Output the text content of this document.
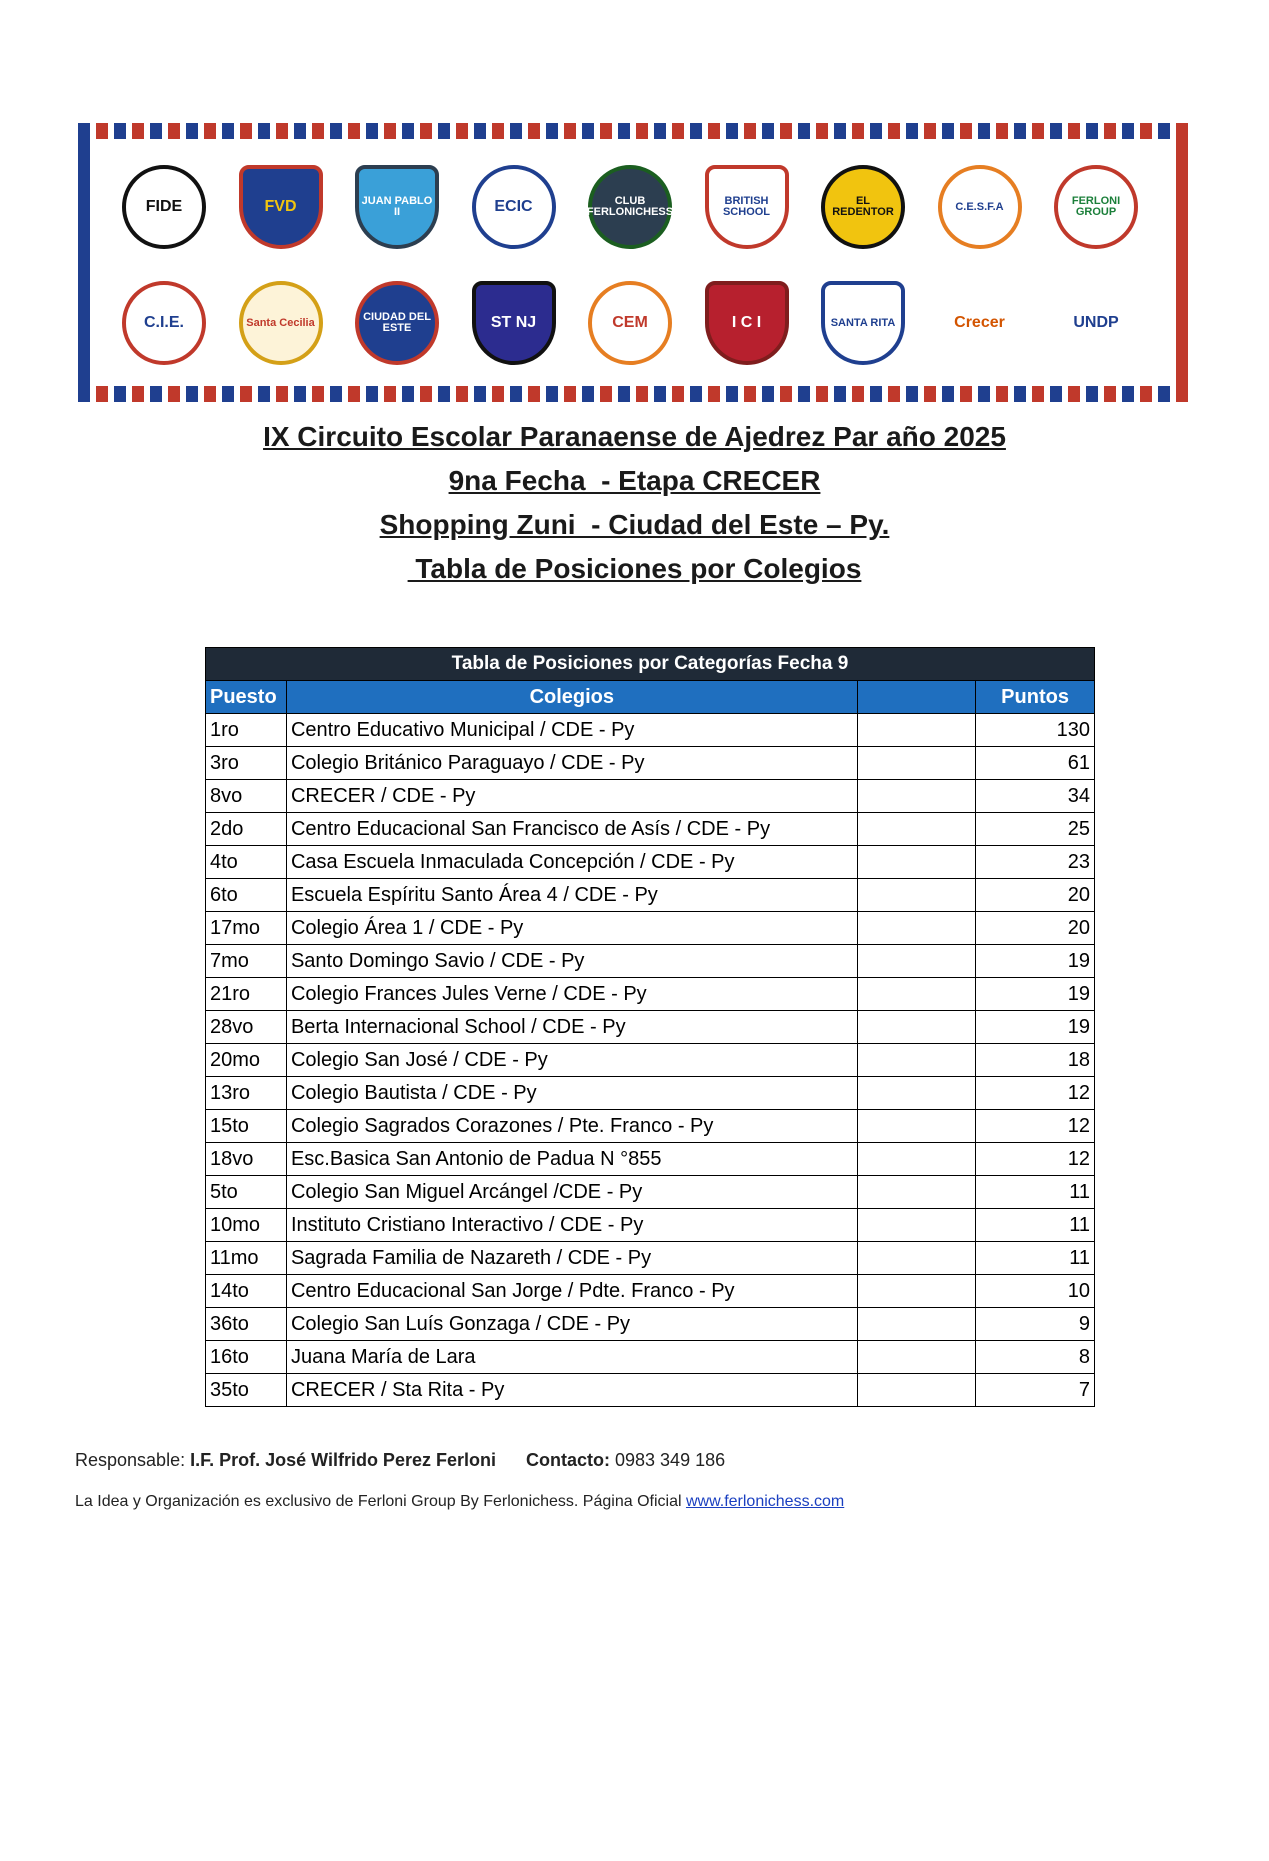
FIDE	FVD	JUAN PABLO II	ECIC	CLUB FERLONICHESS
BRITISH SCHOOL
EL REDENTOR	C.E.S.F.A	FERLONI GROUP
C.I.E.	Santa Cecilia	CIUDAD DEL ESTE	ST NJ	CEM	I C I	SANTA RITA	Crecer	UNDP
IX Circuito Escolar Paranaense de Ajedrez Par año 2025
9na Fecha  - Etapa CRECER
Shopping Zuni  - Ciudad del Este – Py.
Tabla de Posiciones por Colegios
Tabla de Posiciones por Categorías Fecha 9			
Puesto	Colegios		Puntos
1ro	Centro Educativo Municipal / CDE - Py		130
3ro	Colegio Británico Paraguayo / CDE - Py		61
8vo	CRECER / CDE - Py		34
2do	Centro Educacional San Francisco de Asís / CDE - Py		25
4to	Casa Escuela Inmaculada Concepción / CDE - Py		23
6to	Escuela Espíritu Santo Área 4 / CDE - Py		20
17mo	Colegio Área 1 / CDE - Py		20
7mo	Santo Domingo Savio / CDE - Py		19
21ro	Colegio Frances Jules Verne / CDE - Py		19
28vo	Berta Internacional School / CDE - Py		19
20mo	Colegio San José / CDE - Py		18
13ro	Colegio Bautista / CDE - Py		12
15to	Colegio Sagrados Corazones / Pte. Franco - Py		12
18vo	Esc.Basica San Antonio de Padua N °855		12
5to	Colegio San Miguel Arcángel /CDE - Py		11
10mo	Instituto Cristiano Interactivo / CDE - Py		11
11mo	Sagrada Familia de Nazareth / CDE - Py		11
14to	Centro Educacional San Jorge / Pdte. Franco - Py		10
36to	Colegio San Luís Gonzaga / CDE - Py		9
16to	Juana María de Lara		8
35to	CRECER / Sta Rita - Py		7
Responsable: I.F. Prof. José Wilfrido Perez Ferloni Contacto: 0983 349 186
La Idea y Organización es exclusivo de Ferloni Group By Ferlonichess. Página Oficial www.ferlonichess.com
